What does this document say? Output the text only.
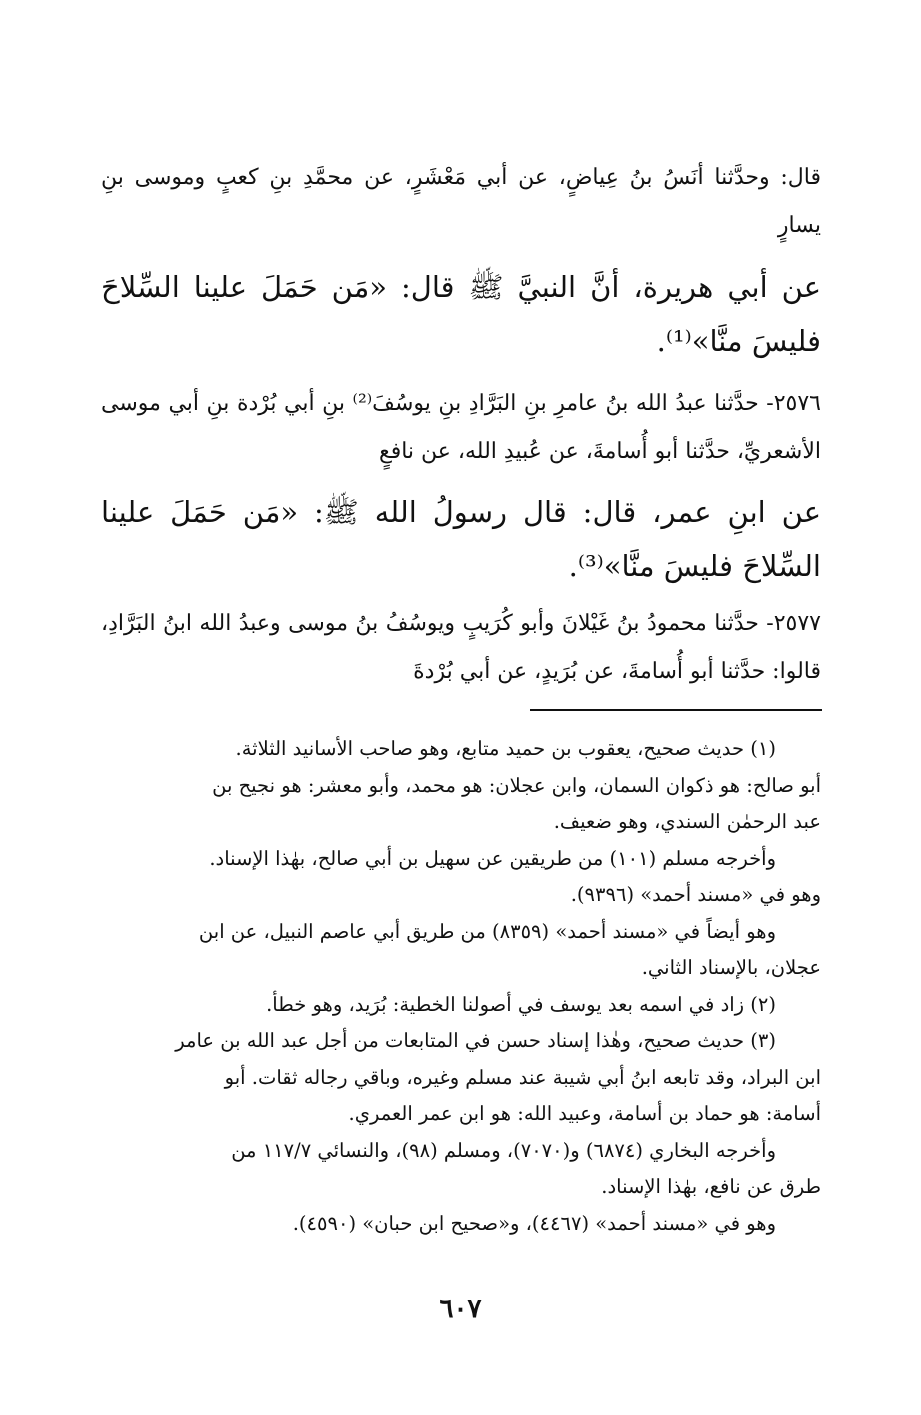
قال: وحدَّثنا أنَسُ بنُ عِياضٍ، عن أبي مَعْشَرٍ، عن محمَّدِ بنِ كعبٍ وموسى بنِ يسارٍ
عن أبي هريرة، أنَّ النبيَّ ﷺ قال: «مَن حَمَلَ علينا السِّلاحَ فليسَ منَّا»⁽¹⁾.
٢٥٧٦- حدَّثنا عبدُ الله بنُ عامرِ بنِ البَرَّادِ بنِ يوسُفَ⁽²⁾ بنِ أبي بُرْدة بنِ أبي موسى الأشعريِّ، حدَّثنا أبو أُسامةَ، عن عُبيدِ الله، عن نافعٍ
عن ابنِ عمر، قال: قال رسولُ الله ﷺ: «مَن حَمَلَ علينا السِّلاحَ فليسَ منَّا»⁽³⁾.
٢٥٧٧- حدَّثنا محمودُ بنُ غَيْلانَ وأبو كُرَيبٍ ويوسُفُ بنُ موسى وعبدُ الله ابنُ البَرَّادِ، قالوا: حدَّثنا أبو أُسامةَ، عن بُرَيدٍ، عن أبي بُرْدةَ
(١) حديث صحيح، يعقوب بن حميد متابع، وهو صاحب الأسانيد الثلاثة.
أبو صالح: هو ذكوان السمان، وابن عجلان: هو محمد، وأبو معشر: هو نجيح بن
عبد الرحمٰن السندي، وهو ضعيف.
وأخرجه مسلم (١٠١) من طريقين عن سهيل بن أبي صالح، بهٰذا الإسناد.
وهو في «مسند أحمد» (٩٣٩٦).
وهو أيضاً في «مسند أحمد» (٨٣٥٩) من طريق أبي عاصم النبيل، عن ابن
عجلان، بالإسناد الثاني.
(٢) زاد في اسمه بعد يوسف في أصولنا الخطية: بُرَيد، وهو خطأ.
(٣) حديث صحيح، وهٰذا إسناد حسن في المتابعات من أجل عبد الله بن عامر
ابن البراد، وقد تابعه ابنُ أبي شيبة عند مسلم وغيره، وباقي رجاله ثقات. أبو
أسامة: هو حماد بن أسامة، وعبيد الله: هو ابن عمر العمري.
وأخرجه البخاري (٦٨٧٤) و(٧٠٧٠)، ومسلم (٩٨)، والنسائي ١١٧/٧ من
طرق عن نافع، بهٰذا الإسناد.
وهو في «مسند أحمد» (٤٤٦٧)، و«صحيح ابن حبان» (٤٥٩٠).
٦٠٧
